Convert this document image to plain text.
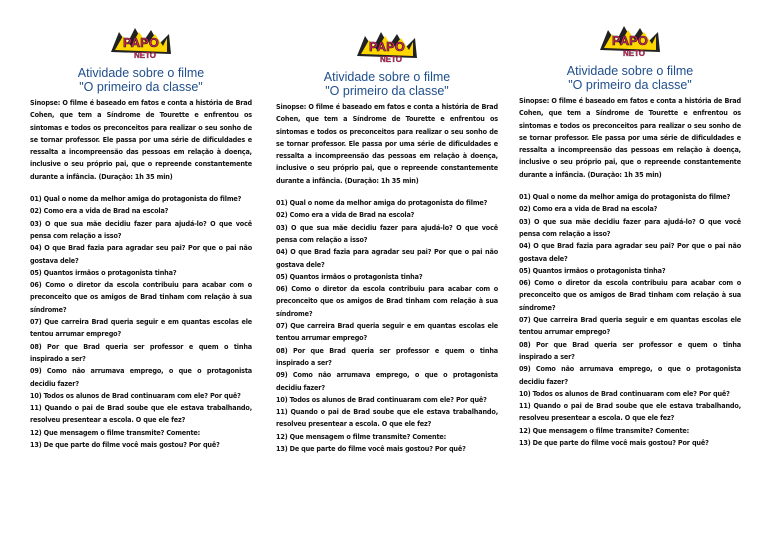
PAPO
NETO

Atividade sobre o filme

"O primeiro da classe"

Sinopse: O filme é baseado em fatos e conta a história de Brad Cohen, que tem a Síndrome de Tourette e enfrentou os sintomas e todos os preconceitos para realizar o seu sonho de se tornar professor. Ele passa por uma série de dificuldades e ressalta a incompreensão das pessoas em relação à doença, inclusive o seu próprio pai, que o repreende constantemente durante a infância. (Duração: 1h 35 min)

01) Qual o nome da melhor amiga do protagonista do filme?
02) Como era a vida de Brad na escola?
03) O que sua mãe decidiu fazer para ajudá-lo? O que você pensa com relação a isso?
04) O que Brad fazia para agradar seu pai? Por que o pai não gostava dele?
05) Quantos irmãos o protagonista tinha?
06) Como o diretor da escola contribuiu para acabar com o preconceito que os amigos de Brad tinham com relação à sua síndrome?
07) Que carreira Brad queria seguir e em quantas escolas ele tentou arrumar emprego?
08) Por que Brad queria ser professor e quem o tinha inspirado a ser?
09) Como não arrumava emprego, o que o protagonista decidiu fazer?
10) Todos os alunos de Brad continuaram com ele? Por quê?
11) Quando o pai de Brad soube que ele estava trabalhando, resolveu presentear a escola. O que ele fez?
12) Que mensagem o filme transmite? Comente:
13) De que parte do filme você mais gostou? Por quê?
PAPO
NETO

Atividade sobre o filme

"O primeiro da classe"

Sinopse: O filme é baseado em fatos e conta a história de Brad Cohen, que tem a Síndrome de Tourette e enfrentou os sintomas e todos os preconceitos para realizar o seu sonho de se tornar professor. Ele passa por uma série de dificuldades e ressalta a incompreensão das pessoas em relação à doença, inclusive o seu próprio pai, que o repreende constantemente durante a infância. (Duração: 1h 35 min)

01) Qual o nome da melhor amiga do protagonista do filme?
02) Como era a vida de Brad na escola?
03) O que sua mãe decidiu fazer para ajudá-lo? O que você pensa com relação a isso?
04) O que Brad fazia para agradar seu pai? Por que o pai não gostava dele?
05) Quantos irmãos o protagonista tinha?
06) Como o diretor da escola contribuiu para acabar com o preconceito que os amigos de Brad tinham com relação à sua síndrome?
07) Que carreira Brad queria seguir e em quantas escolas ele tentou arrumar emprego?
08) Por que Brad queria ser professor e quem o tinha inspirado a ser?
09) Como não arrumava emprego, o que o protagonista decidiu fazer?
10) Todos os alunos de Brad continuaram com ele? Por quê?
11) Quando o pai de Brad soube que ele estava trabalhando, resolveu presentear a escola. O que ele fez?
12) Que mensagem o filme transmite? Comente:
13) De que parte do filme você mais gostou? Por quê?
PAPO
NETO

Atividade sobre o filme

"O primeiro da classe"

Sinopse: O filme é baseado em fatos e conta a história de Brad Cohen, que tem a Síndrome de Tourette e enfrentou os sintomas e todos os preconceitos para realizar o seu sonho de se tornar professor. Ele passa por uma série de dificuldades e ressalta a incompreensão das pessoas em relação à doença, inclusive o seu próprio pai, que o repreende constantemente durante a infância. (Duração: 1h 35 min)

01) Qual o nome da melhor amiga do protagonista do filme?
02) Como era a vida de Brad na escola?
03) O que sua mãe decidiu fazer para ajudá-lo? O que você pensa com relação a isso?
04) O que Brad fazia para agradar seu pai? Por que o pai não gostava dele?
05) Quantos irmãos o protagonista tinha?
06) Como o diretor da escola contribuiu para acabar com o preconceito que os amigos de Brad tinham com relação à sua síndrome?
07) Que carreira Brad queria seguir e em quantas escolas ele tentou arrumar emprego?
08) Por que Brad queria ser professor e quem o tinha inspirado a ser?
09) Como não arrumava emprego, o que o protagonista decidiu fazer?
10) Todos os alunos de Brad continuaram com ele? Por quê?
11) Quando o pai de Brad soube que ele estava trabalhando, resolveu presentear a escola. O que ele fez?
12) Que mensagem o filme transmite? Comente:
13) De que parte do filme você mais gostou? Por quê?
